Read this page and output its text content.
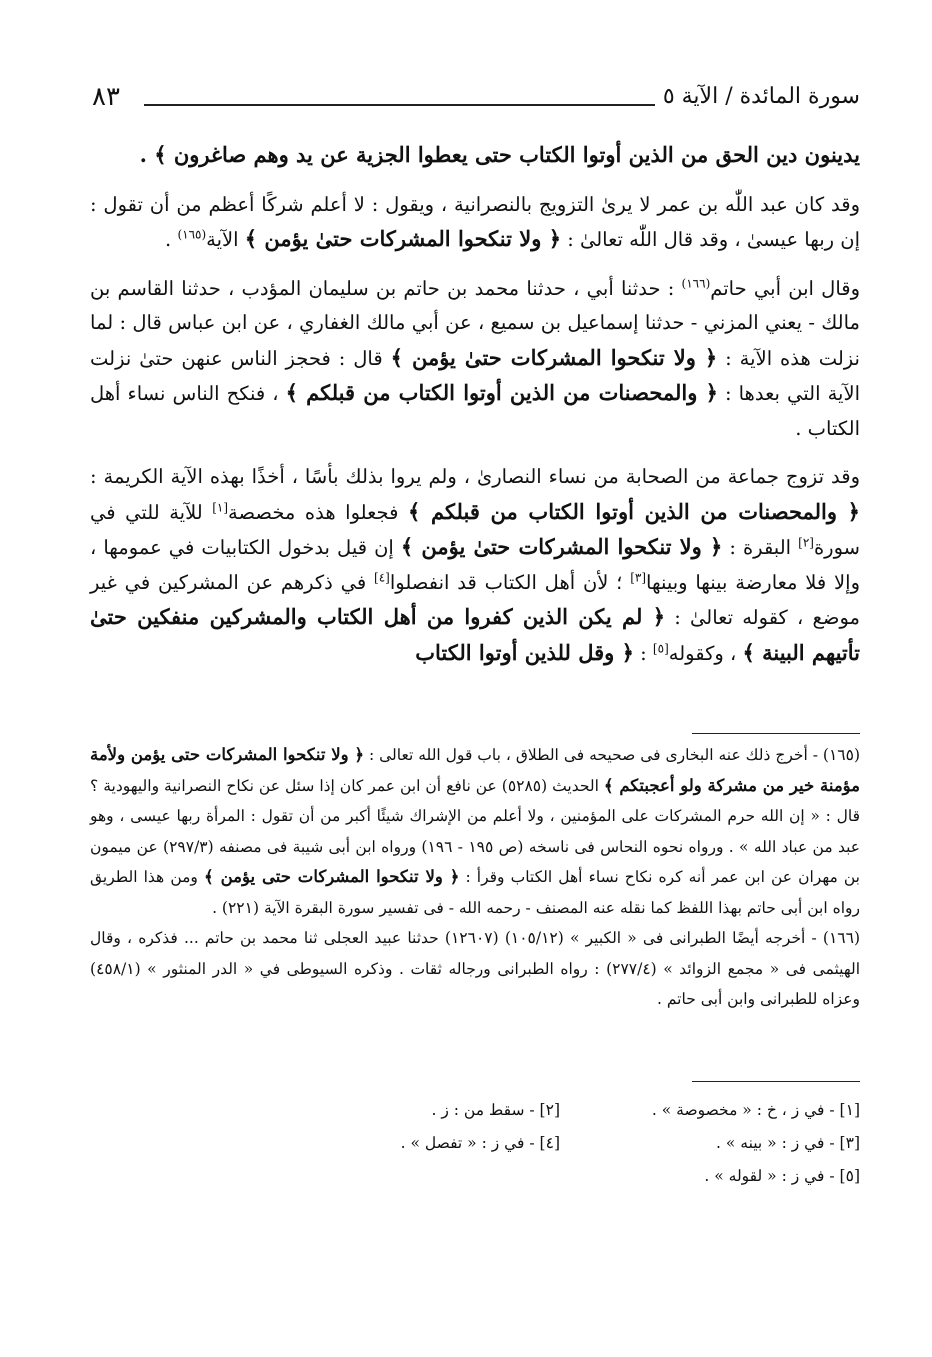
٨٣	سورة المائدة / الآية ٥

يدينون دين الحق من الذين أوتوا الكتاب حتى يعطوا الجزية عن يد وهم صاغرون ﴾ .

وقد كان عبد اللّٰه بن عمر لا يرىٰ التزويج بالنصرانية ، ويقول : لا أعلم شركًا أعظم من أن تقول : إن ربها عيسىٰ ، وقد قال اللّٰه تعالىٰ : ﴿ ولا تنكحوا المشركات حتىٰ يؤمن ﴾ الآية$^{(١٦٥)}$ .

وقال ابن أبي حاتم$^{(١٦٦)}$ : حدثنا أبي ، حدثنا محمد بن حاتم بن سليمان المؤدب ، حدثنا القاسم بن مالك - يعني المزني - حدثنا إسماعيل بن سميع ، عن أبي مالك الغفاري ، عن ابن عباس قال : لما نزلت هذه الآية : ﴿ ولا تنكحوا المشركات حتىٰ يؤمن ﴾ قال : فحجز الناس عنهن حتىٰ نزلت الآية التي بعدها : ﴿ والمحصنات من الذين أوتوا الكتاب من قبلكم ﴾ ، فنكح الناس نساء أهل الكتاب .

وقد تزوج جماعة من الصحابة من نساء النصارىٰ ، ولم يروا بذلك بأسًا ، أخذًا بهذه الآية الكريمة : ﴿ والمحصنات من الذين أوتوا الكتاب من قبلكم ﴾ فجعلوا هذه مخصصة[١] للآية للتي في سورة[٢] البقرة : ﴿ ولا تنكحوا المشركات حتىٰ يؤمن ﴾ إن قيل بدخول الكتابيات في عمومها ، وإلا فلا معارضة بينها وبينها[٣] ؛ لأن أهل الكتاب قد انفصلوا[٤] في ذكرهم عن المشركين في غير موضع ، كقوله تعالىٰ : ﴿ لم يكن الذين كفروا من أهل الكتاب والمشركين منفكين حتىٰ تأتيهم البينة ﴾ ، وكقوله[٥] : ﴿ وقل للذين أوتوا الكتاب

(١٦٥) - أخرج ذلك عنه البخارى فى صحيحه فى الطلاق ، باب قول الله تعالى : ﴿ ولا تنكحوا المشركات حتى يؤمن ولأمة مؤمنة خير من مشركة ولو أعجبتكم ﴾ الحديث (٥٢٨٥) عن نافع أن ابن عمر كان إذا سئل عن نكاح النصرانية واليهودية ؟ قال : « إن الله حرم المشركات على المؤمنين ، ولا أعلم من الإشراك شيئًا أكبر من أن تقول : المرأة ربها عيسى ، وهو عبد من عباد الله » . ورواه نحوه النحاس فى ناسخه (ص ١٩٥ - ١٩٦) ورواه ابن أبى شيبة فى مصنفه (٢٩٧/٣) عن ميمون بن مهران عن ابن عمر أنه كره نكاح نساء أهل الكتاب وقرأ : ﴿ ولا تنكحوا المشركات حتى يؤمن ﴾ ومن هذا الطريق رواه ابن أبى حاتم بهذا اللفظ كما نقله عنه المصنف - رحمه الله - فى تفسير سورة البقرة الآية (٢٢١) .

(١٦٦) - أخرجه أيضًا الطبرانى فى « الكبير » (١٠٥/١٢) (١٢٦٠٧) حدثنا عبيد العجلى ثنا محمد بن حاتم ... فذكره ، وقال الهيثمى فى « مجمع الزوائد » (٢٧٧/٤) : رواه الطبرانى ورجاله ثقات . وذكره السيوطى في « الدر المنثور » (٤٥٨/١) وعزاه للطبرانى وابن أبى حاتم .

[١] - في ز ، خ : « مخصوصة » .
[٢] - سقط من : ز .
[٣] - في ز : « بينه » .
[٤] - في ز : « تفصل » .
[٥] - في ز : « لقوله » .
